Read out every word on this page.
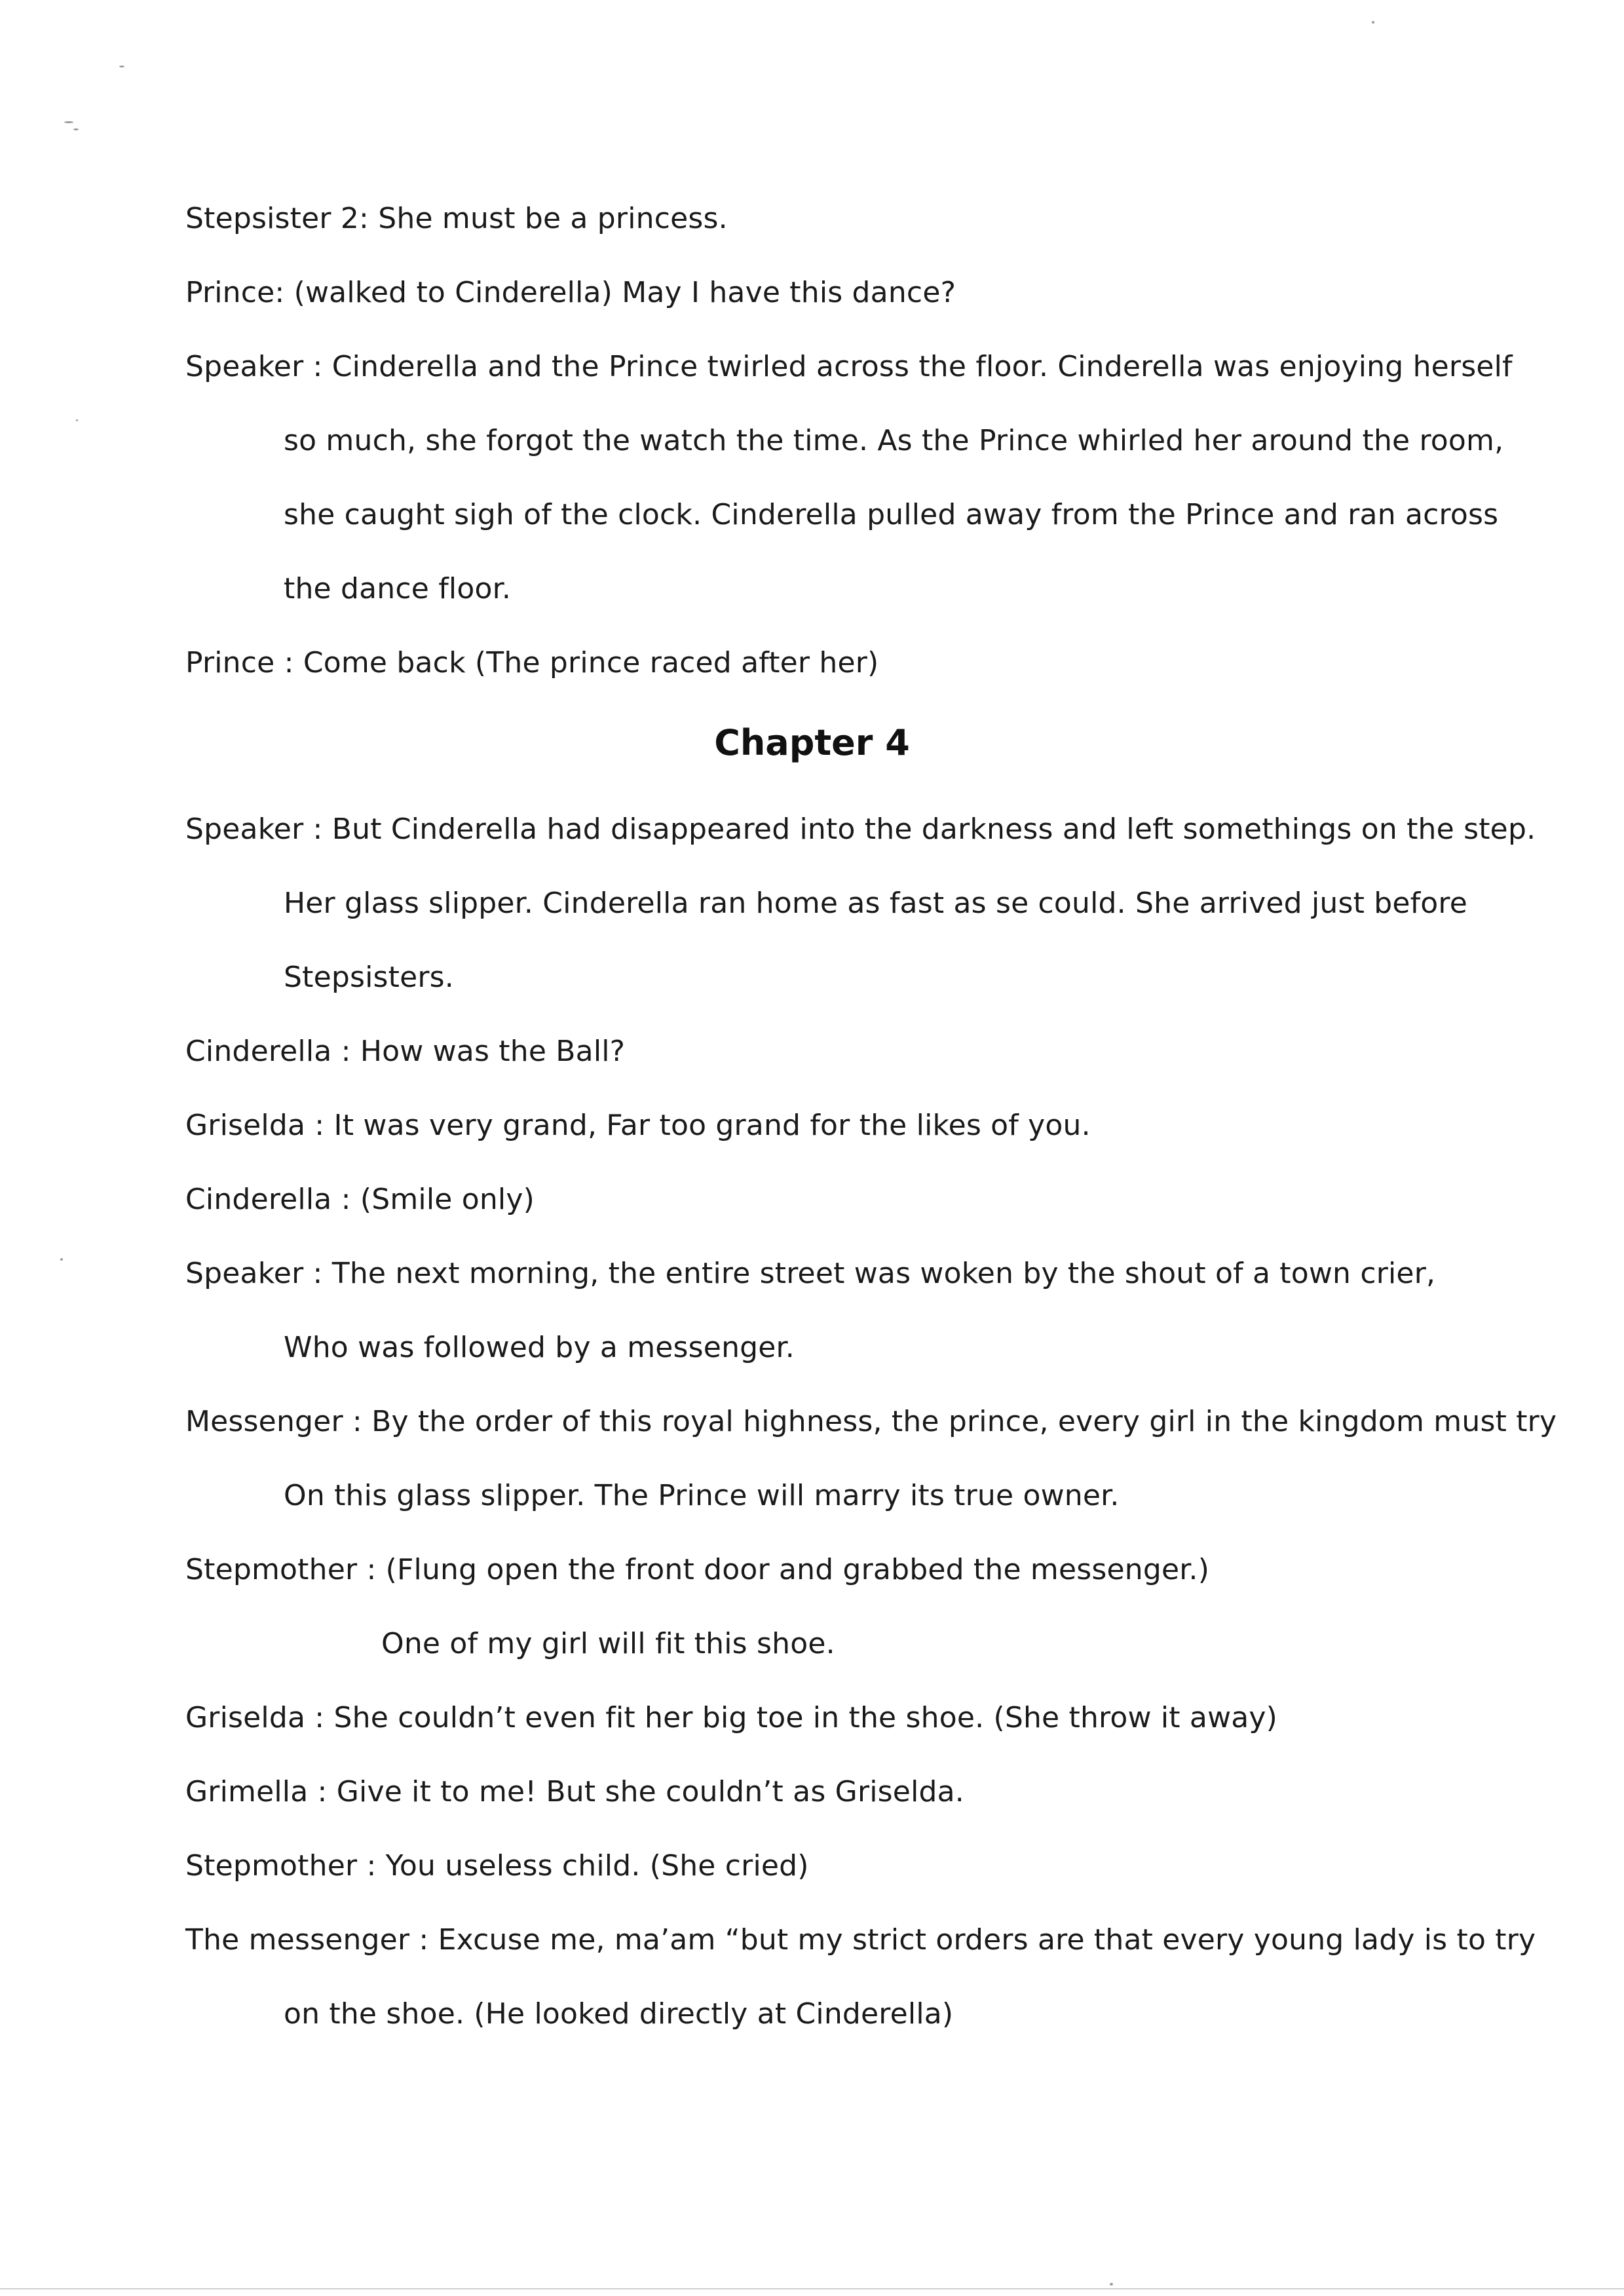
Stepsister 2: She must be a princess.
Prince: (walked to Cinderella) May I have this dance?
Speaker : Cinderella and the Prince twirled across the floor. Cinderella was enjoying herself
so much, she forgot the watch the time. As the Prince whirled her around the room,
she caught sigh of the clock. Cinderella pulled away from the Prince and ran across
the dance floor.
Prince : Come back (The prince raced after her)
Chapter 4
Speaker : But Cinderella had disappeared into the darkness and left somethings on the step.
Her glass slipper. Cinderella ran home as fast as se could. She arrived just before
Stepsisters.
Cinderella : How was the Ball?
Griselda : It was very grand, Far too grand for the likes of you.
Cinderella : (Smile only)
Speaker : The next morning, the entire street was woken by the shout of a town crier,
Who was followed by a messenger.
Messenger : By the order of this royal highness, the prince, every girl in the kingdom must try
On this glass slipper. The Prince will marry its true owner.
Stepmother : (Flung open the front door and grabbed the messenger.)
One of my girl will fit this shoe.
Griselda : She couldn’t even fit her big toe in the shoe. (She throw it away)
Grimella : Give it to me! But she couldn’t as Griselda.
Stepmother : You useless child. (She cried)
The messenger : Excuse me, ma’am “but my strict orders are that every young lady is to try
on the shoe. (He looked directly at Cinderella)
